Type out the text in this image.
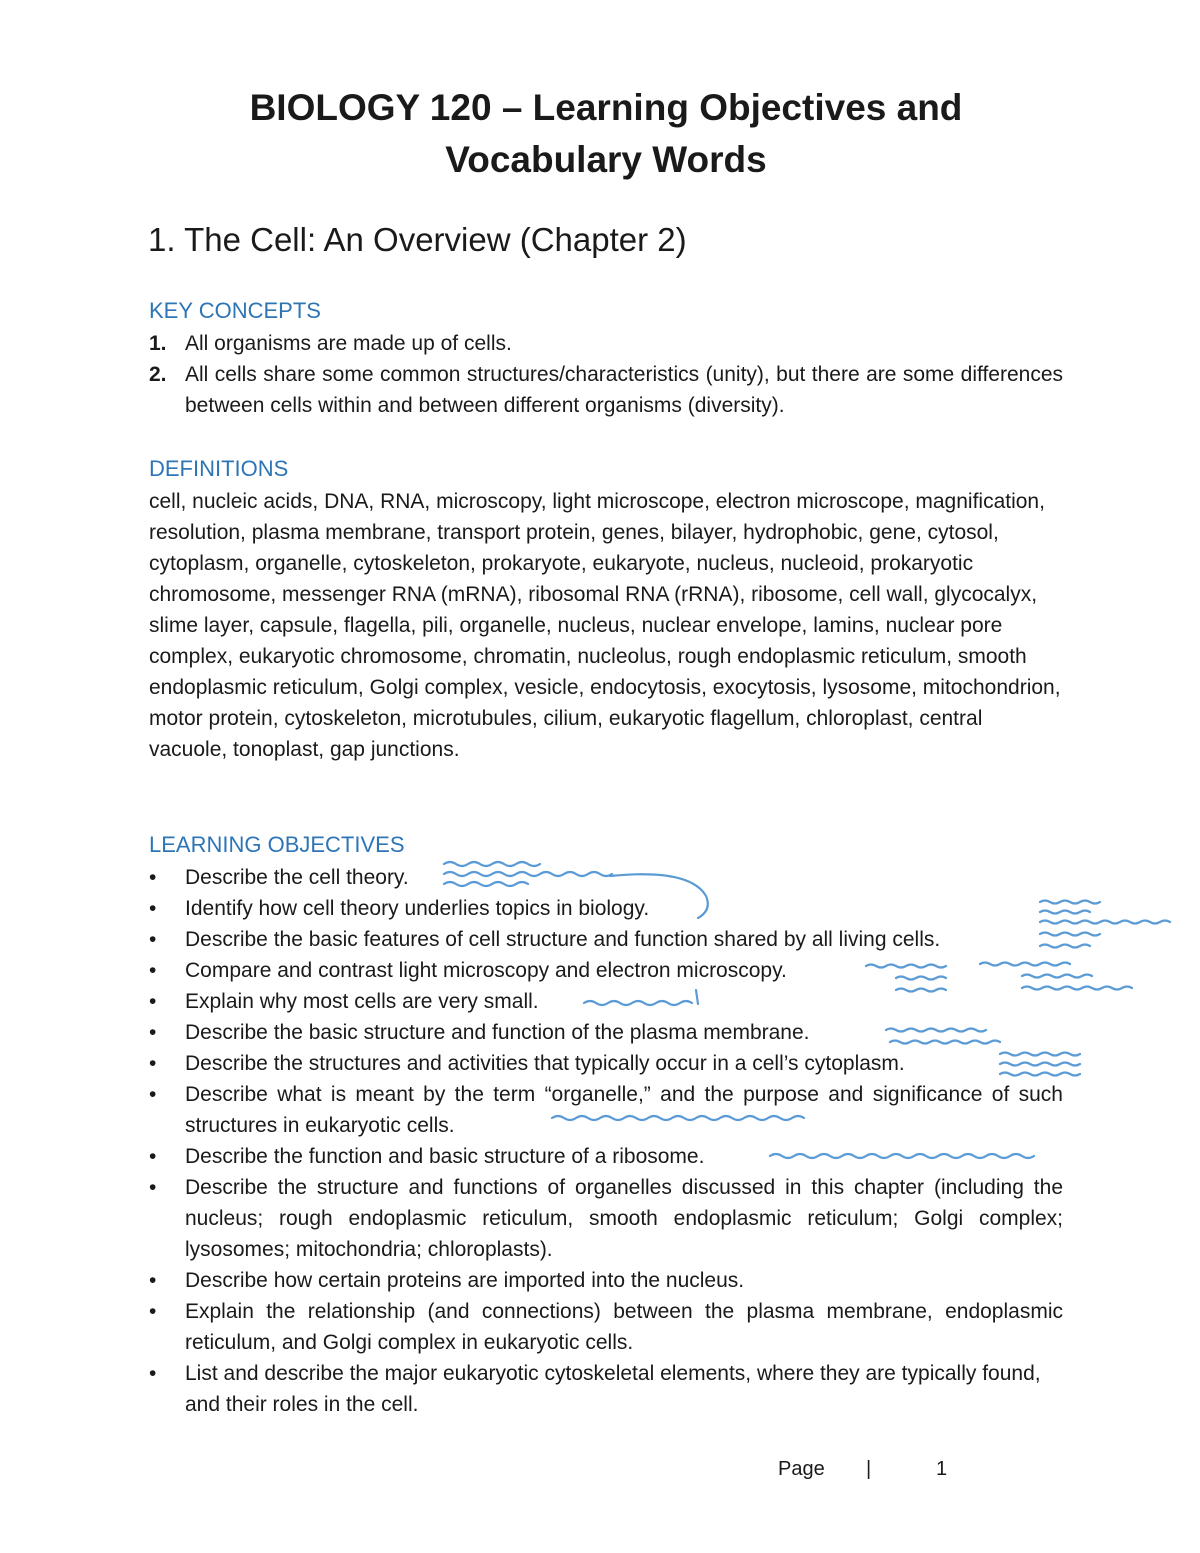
BIOLOGY 120 – Learning Objectives and
Vocabulary Words
1. The Cell: An Overview (Chapter 2)
KEY CONCEPTS
1. All organisms are made up of cells.
2. All cells share some common structures/characteristics (unity), but there are some differences between cells within and between different organisms (diversity).
DEFINITIONS

cell, nucleic acids, DNA, RNA, microscopy, light microscope, electron microscope, magnification, resolution, plasma membrane, transport protein, genes, bilayer, hydrophobic, gene, cytosol, cytoplasm, organelle, cytoskeleton, prokaryote, eukaryote, nucleus, nucleoid, prokaryotic chromosome, messenger RNA (mRNA), ribosomal RNA (rRNA), ribosome, cell wall, glycocalyx, slime layer, capsule, flagella, pili, organelle, nucleus, nuclear envelope, lamins, nuclear pore complex, eukaryotic chromosome, chromatin, nucleolus, rough endoplasmic reticulum, smooth endoplasmic reticulum, Golgi complex, vesicle, endocytosis, exocytosis, lysosome, mitochondrion, motor protein, cytoskeleton, microtubules, cilium, eukaryotic flagellum, chloroplast, central vacuole, tonoplast, gap junctions.

LEARNING OBJECTIVES
•	Describe the cell theory.
•	Identify how cell theory underlies topics in biology.
•	Describe the basic features of cell structure and function shared by all living cells.
•	Compare and contrast light microscopy and electron microscopy.
•	Explain why most cells are very small.
•	Describe the basic structure and function of the plasma membrane.
•	Describe the structures and activities that typically occur in a cell’s cytoplasm.
•	Describe what is meant by the term “organelle,” and the purpose and significance of such structures in eukaryotic cells.
•	Describe the function and basic structure of a ribosome.
•	Describe the structure and functions of organelles discussed in this chapter (including the nucleus; rough endoplasmic reticulum, smooth endoplasmic reticulum; Golgi complex; lysosomes; mitochondria; chloroplasts).
•	Describe how certain proteins are imported into the nucleus.
•	Explain the relationship (and connections) between the plasma membrane, endoplasmic reticulum, and Golgi complex in eukaryotic cells.
•	List and describe the major eukaryotic cytoskeletal elements, where they are typically found, and their roles in the cell.
Page |	1
